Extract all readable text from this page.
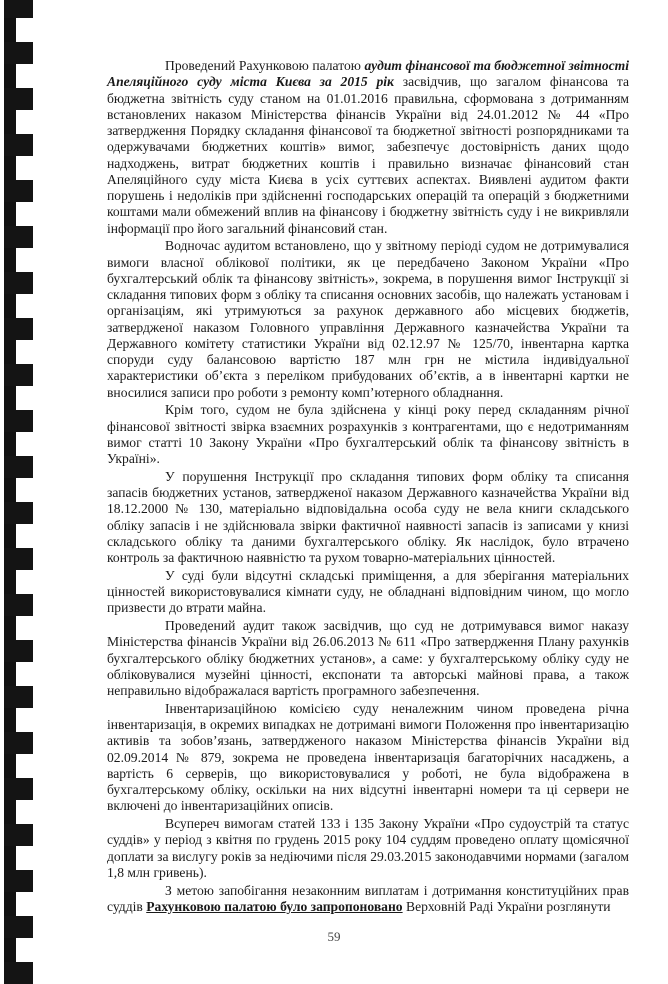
Проведений Рахунковою палатою аудит фінансової та бюджетної звітності Апеляційного суду міста Києва за 2015 рік засвідчив, що загалом фінансова та бюджетна звітність суду станом на 01.01.2016 правильна, сформована з дотриманням встановлених наказом Міністерства фінансів України від 24.01.2012 № 44 «Про затвердження Порядку складання фінансової та бюджетної звітності розпорядниками та одержувачами бюджетних коштів» вимог, забезпечує достовірність даних щодо надходжень, витрат бюджетних коштів і правильно визначає фінансовий стан Апеляційного суду міста Києва в усіх суттєвих аспектах. Виявлені аудитом факти порушень і недоліків при здійсненні господарських операцій та операцій з бюджетними коштами мали обмежений вплив на фінансову і бюджетну звітність суду і не викривляли інформації про його загальний фінансовий стан.

Водночас аудитом встановлено, що у звітному періоді судом не дотримувалися вимоги власної облікової політики, як це передбачено Законом України «Про бухгалтерський облік та фінансову звітність», зокрема, в порушення вимог Інструкції зі складання типових форм з обліку та списання основних засобів, що належать установам і організаціям, які утримуються за рахунок державного або місцевих бюджетів, затвердженої наказом Головного управління Державного казначейства України та Державного комітету статистики України від 02.12.97 № 125/70, інвентарна картка споруди суду балансовою вартістю 187 млн грн не містила індивідуальної характеристики об’єкта з переліком прибудованих об’єктів, а в інвентарні картки не вносилися записи про роботи з ремонту комп’ютерного обладнання.

Крім того, судом не була здійснена у кінці року перед складанням річної фінансової звітності звірка взаємних розрахунків з контрагентами, що є недотриманням вимог статті 10 Закону України «Про бухгалтерський облік та фінансову звітність в Україні».

У порушення Інструкції про складання типових форм обліку та списання запасів бюджетних установ, затвердженої наказом Державного казначейства України від 18.12.2000 № 130, матеріально відповідальна особа суду не вела книги складського обліку запасів і не здійснювала звірки фактичної наявності запасів із записами у книзі складського обліку та даними бухгалтерського обліку. Як наслідок, було втрачено контроль за фактичною наявністю та рухом товарно-матеріальних цінностей.

У суді були відсутні складські приміщення, а для зберігання матеріальних цінностей використовувалися кімнати суду, не обладнані відповідним чином, що могло призвести до втрати майна.

Проведений аудит також засвідчив, що суд не дотримувався вимог наказу Міністерства фінансів України від 26.06.2013 № 611 «Про затвердження Плану рахунків бухгалтерського обліку бюджетних установ», а саме: у бухгалтерському обліку суду не обліковувалися музейні цінності, експонати та авторські майнові права, а також неправильно відображалася вартість програмного забезпечення.

Інвентаризаційною комісією суду неналежним чином проведена річна інвентаризація, в окремих випадках не дотримані вимоги Положення про інвентаризацію активів та зобов’язань, затвердженого наказом Міністерства фінансів України від 02.09.2014 № 879, зокрема не проведена інвентаризація багаторічних насаджень, а вартість 6 серверів, що використовувалися у роботі, не була відображена в бухгалтерському обліку, оскільки на них відсутні інвентарні номери та ці сервери не включені до інвентаризаційних описів.

Всупереч вимогам статей 133 і 135 Закону України «Про судоустрій та статус суддів» у період з квітня по грудень 2015 року 104 суддям проведено оплату щомісячної доплати за вислугу років за недіючими після 29.03.2015 законодавчими нормами (загалом 1,8 млн гривень).

З метою запобігання незаконним виплатам і дотримання конституційних прав суддів Рахунковою палатою було запропоновано Верховній Раді України розглянути

59
